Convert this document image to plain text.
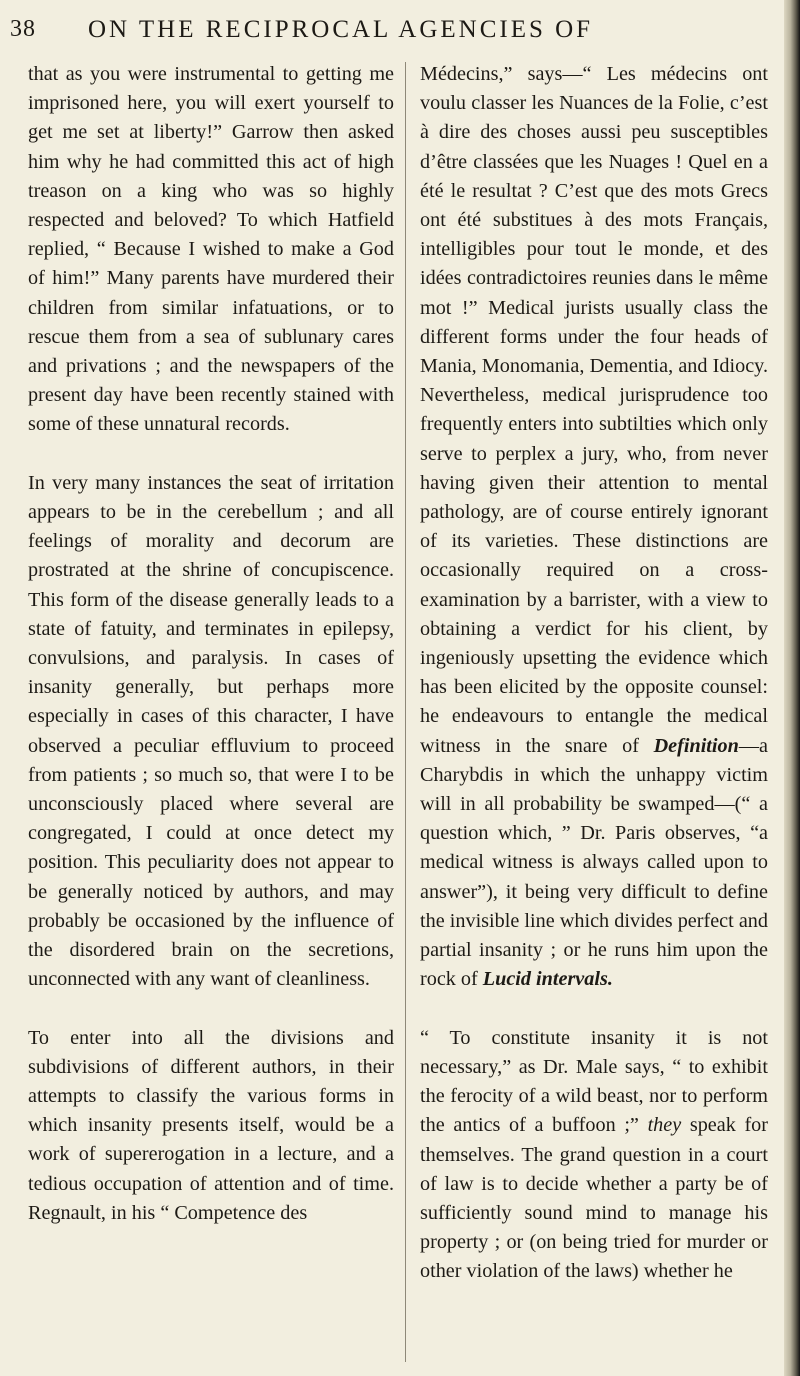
38 ON THE RECIPROCAL AGENCIES OF

that as you were instrumental to getting me imprisoned here, you will exert yourself to get me set at liberty!” Garrow then asked him why he had committed this act of high treason on a king who was so highly respected and beloved? To which Hatfield replied, “ Because I wished to make a God of him!” Many parents have murdered their children from similar infatuations, or to rescue them from a sea of sublunary cares and privations ; and the newspapers of the present day have been recently stained with some of these unnatural records.

In very many instances the seat of irritation appears to be in the cerebellum ; and all feelings of morality and decorum are prostrated at the shrine of concupiscence. This form of the disease generally leads to a state of fatuity, and terminates in epilepsy, convulsions, and paralysis. In cases of insanity generally, but perhaps more especially in cases of this character, I have observed a peculiar effluvium to proceed from patients ; so much so, that were I to be unconsciously placed where several are congregated, I could at once detect my position. This peculiarity does not appear to be generally noticed by authors, and may probably be occasioned by the influence of the disordered brain on the secretions, unconnected with any want of cleanliness.

To enter into all the divisions and subdivisions of different authors, in their attempts to classify the various forms in which insanity presents itself, would be a work of supererogation in a lecture, and a tedious occupation of attention and of time. Regnault, in his “ Competence des

Médecins,” says—“ Les médecins ont voulu classer les Nuances de la Folie, c’est à dire des choses aussi peu susceptibles d’être classées que les Nuages ! Quel en a été le resultat ? C’est que des mots Grecs ont été substitues à des mots Français, intelligibles pour tout le monde, et des idées contradictoires reunies dans le même mot !” Medical jurists usually class the different forms under the four heads of Mania, Monomania, Dementia, and Idiocy. Nevertheless, medical jurisprudence too frequently enters into subtilties which only serve to perplex a jury, who, from never having given their attention to mental pathology, are of course entirely ignorant of its varieties. These distinctions are occasionally required on a cross-examination by a barrister, with a view to obtaining a verdict for his client, by ingeniously upsetting the evidence which has been elicited by the opposite counsel: he endeavours to entangle the medical witness in the snare of Definition—a Charybdis in which the unhappy victim will in all probability be swamped—(“ a question which, ” Dr. Paris observes, “a medical witness is always called upon to answer”), it being very difficult to define the invisible line which divides perfect and partial insanity ; or he runs him upon the rock of Lucid intervals.

“ To constitute insanity it is not necessary,” as Dr. Male says, “ to exhibit the ferocity of a wild beast, nor to perform the antics of a buffoon ;” they speak for themselves. The grand question in a court of law is to decide whether a party be of sufficiently sound mind to manage his property ; or (on being tried for murder or other violation of the laws) whether he
